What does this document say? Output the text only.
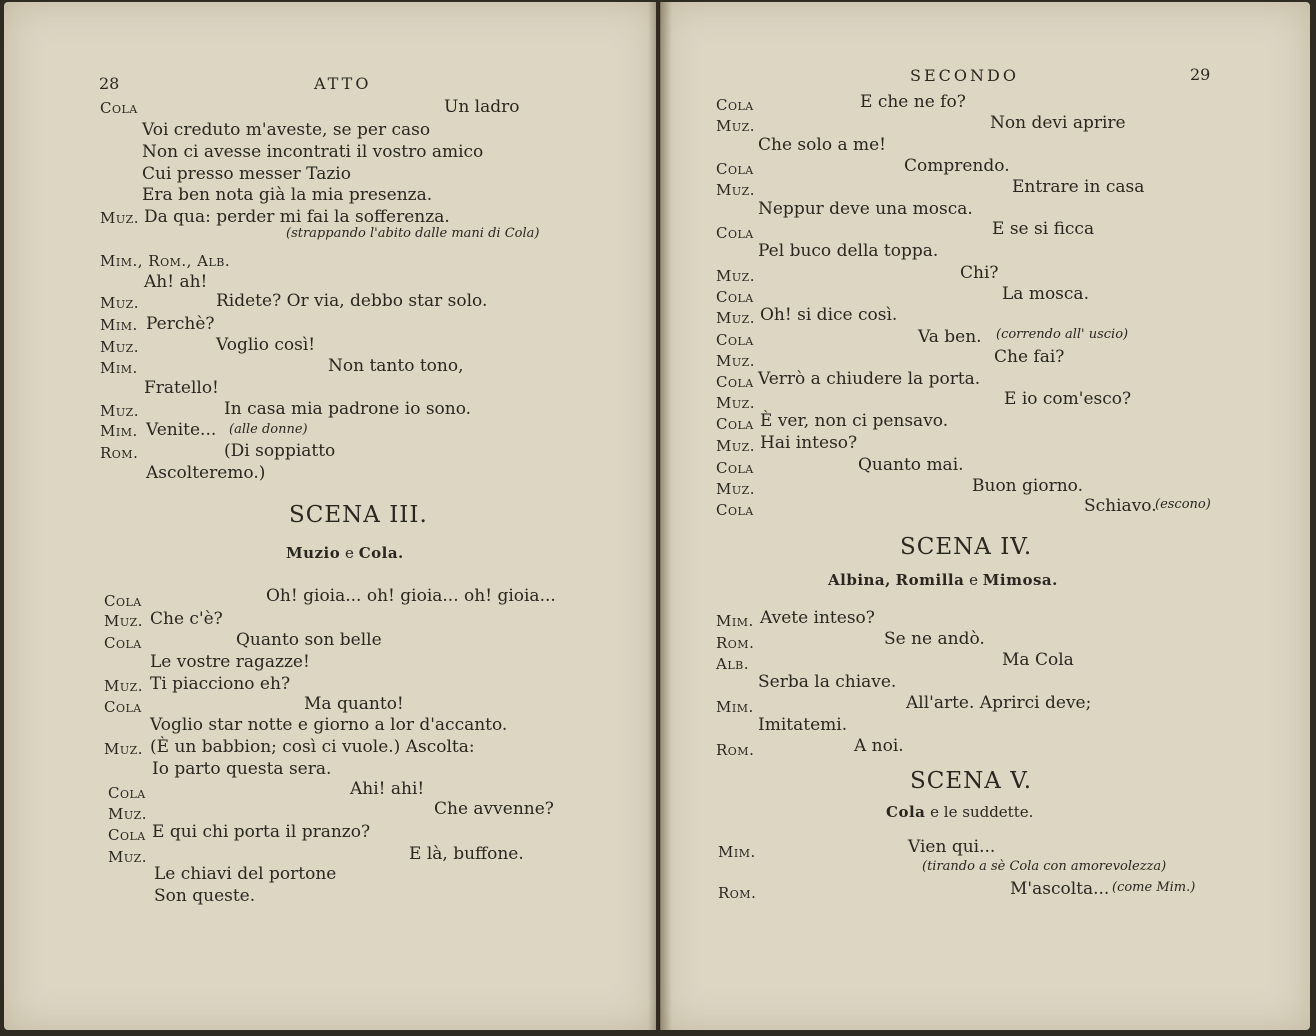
28	ATTO
Cola	Un ladro
Voi creduto m'aveste, se per caso
Non ci avesse incontrati il vostro amico
Cui presso messer Tazio
Era ben nota già la mia presenza.
Muz. Da qua: perder mi fai la sofferenza.
(strappando l'abito dalle mani di Cola)
Mim., Rom., Alb.
Ah! ah!
Muz.	Ridete? Or via, debbo star solo.
Mim. Perchè?
Muz.	Voglio così!
Mim.	Non tanto tono,
Fratello!
Muz.	In casa mia padrone io sono.
Mim. Venite... (alle donne)
Rom.	(Di soppiatto
Ascolteremo.)
SCENA III.
Muzio e Cola.
Cola	Oh! gioia... oh! gioia... oh! gioia...
Muz. Che c'è?
Cola	Quanto son belle
Le vostre ragazze!
Muz. Ti piacciono eh?
Cola	Ma quanto!
Voglio star notte e giorno a lor d'accanto.
Muz. (È un babbion; così ci vuole.) Ascolta:
Io parto questa sera.
Cola	Ahi! ahi!
Muz.	Che avvenne?
Cola E qui chi porta il pranzo?
Muz.	E là, buffone.
Le chiavi del portone
Son queste.
SECONDO	29
Cola	E che ne fo?
Muz.	Non devi aprire
Che solo a me!
Cola	Comprendo.
Muz.	Entrare in casa
Neppur deve una mosca.
Cola	E se si ficca
Pel buco della toppa.
Muz.	Chi?
Cola	La mosca.
Muz. Oh! si dice così.
Cola	Va ben. (correndo all' uscio)
Muz.	Che fai?
Cola Verrò a chiudere la porta.
Muz.	E io com'esco?
Cola È ver, non ci pensavo.
Muz. Hai inteso?
Cola	Quanto mai.
Muz.	Buon giorno.
Cola	Schiavo.
(escono)
SCENA IV.
Albina, Romilla e Mimosa.
Mim. Avete inteso?
Rom.	Se ne andò.
Alb.	Ma Cola
Serba la chiave.
Mim.	All'arte. Aprirci deve;
Imitatemi.
Rom.	A noi.
SCENA V.
Cola e le suddette.
Mim.	Vien qui...
(tirando a sè Cola con amorevolezza)
Rom.	M'ascolta... (come Mim.)
